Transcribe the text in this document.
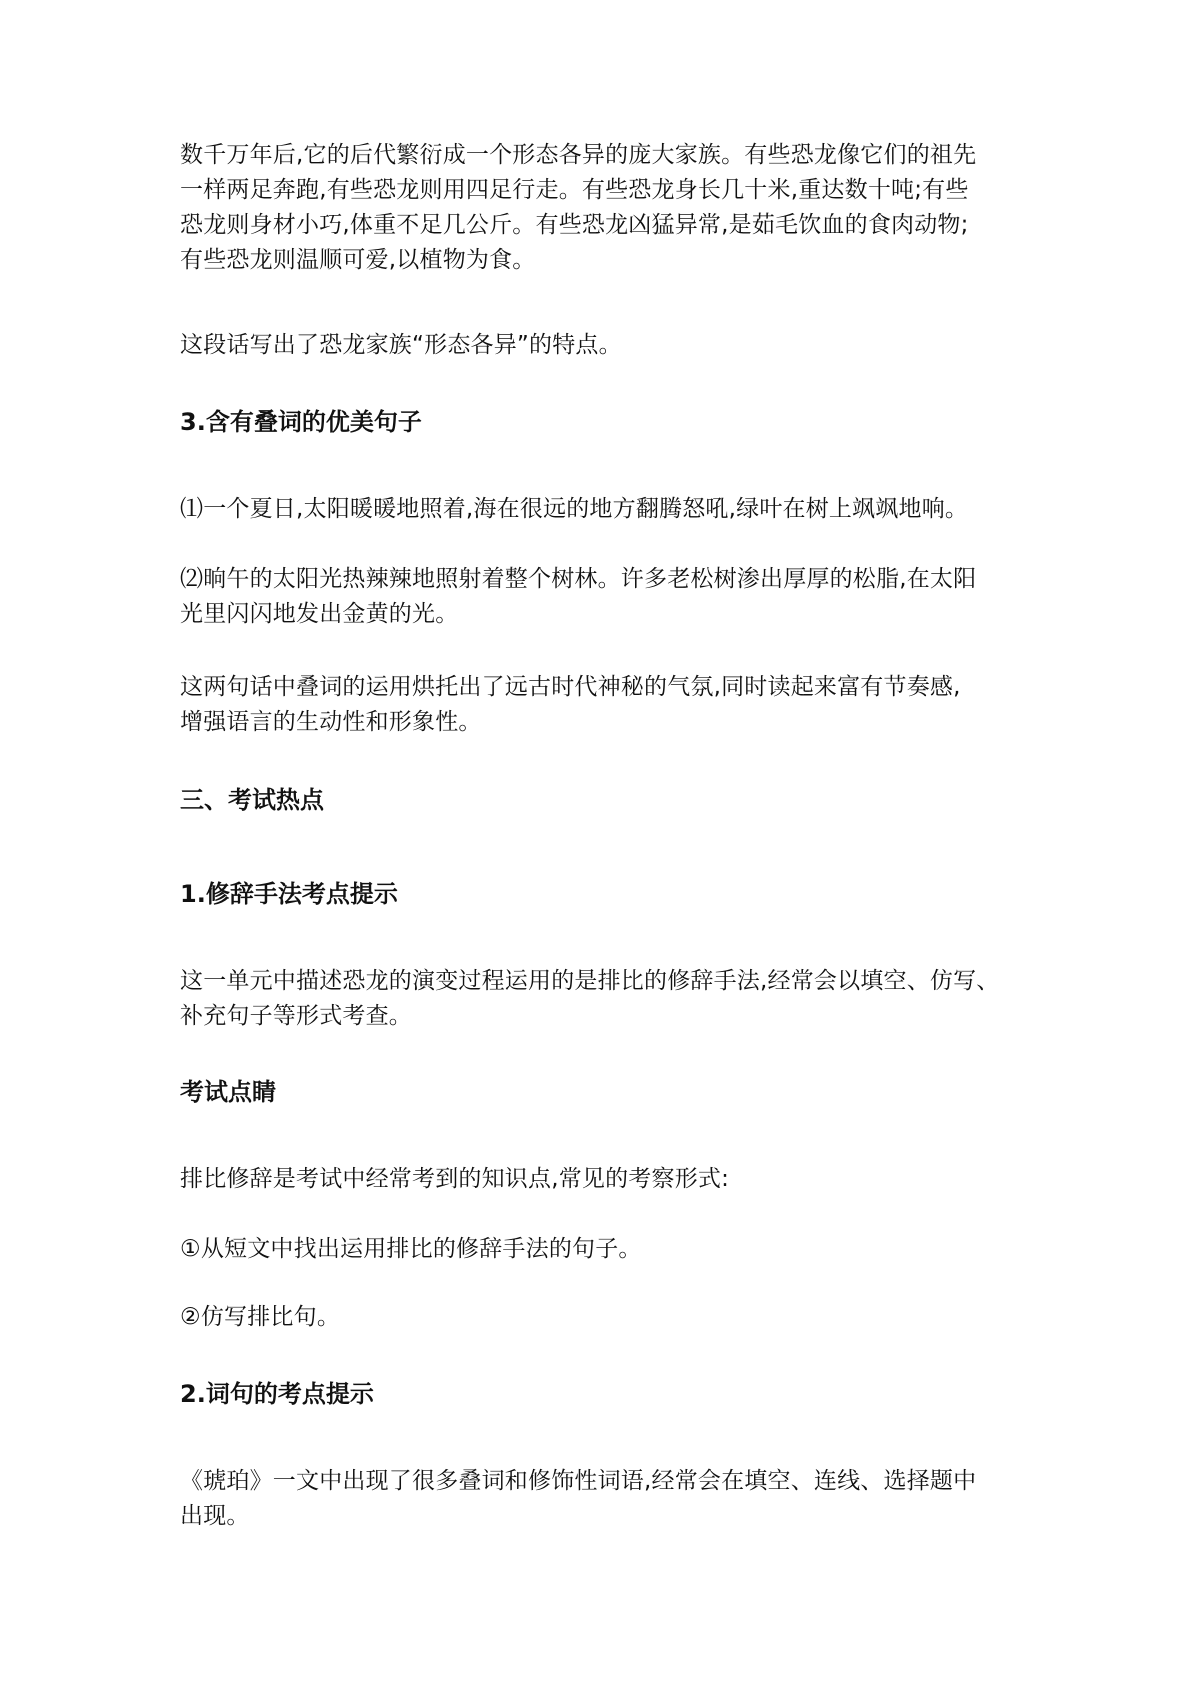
数千万年后,它的后代繁衍成一个形态各异的庞大家族。有些恐龙像它们的祖先
一样两足奔跑,有些恐龙则用四足行走。有些恐龙身长几十米,重达数十吨;有些
恐龙则身材小巧,体重不足几公斤。有些恐龙凶猛异常,是茹毛饮血的食肉动物;
有些恐龙则温顺可爱,以植物为食。

这段话写出了恐龙家族“形态各异”的特点。

3.含有叠词的优美句子

⑴一个夏日,太阳暖暖地照着,海在很远的地方翻腾怒吼,绿叶在树上飒飒地响。

⑵晌午的太阳光热辣辣地照射着整个树林。许多老松树渗出厚厚的松脂,在太阳
光里闪闪地发出金黄的光。

这两句话中叠词的运用烘托出了远古时代神秘的气氛,同时读起来富有节奏感,
增强语言的生动性和形象性。

三、考试热点
1.修辞手法考点提示

这一单元中描述恐龙的演变过程运用的是排比的修辞手法,经常会以填空、仿写、
补充句子等形式考查。

考试点睛

排比修辞是考试中经常考到的知识点,常见的考察形式:

①从短文中找出运用排比的修辞手法的句子。

②仿写排比句。

2.词句的考点提示

《琥珀》一文中出现了很多叠词和修饰性词语,经常会在填空、连线、选择题中
出现。
